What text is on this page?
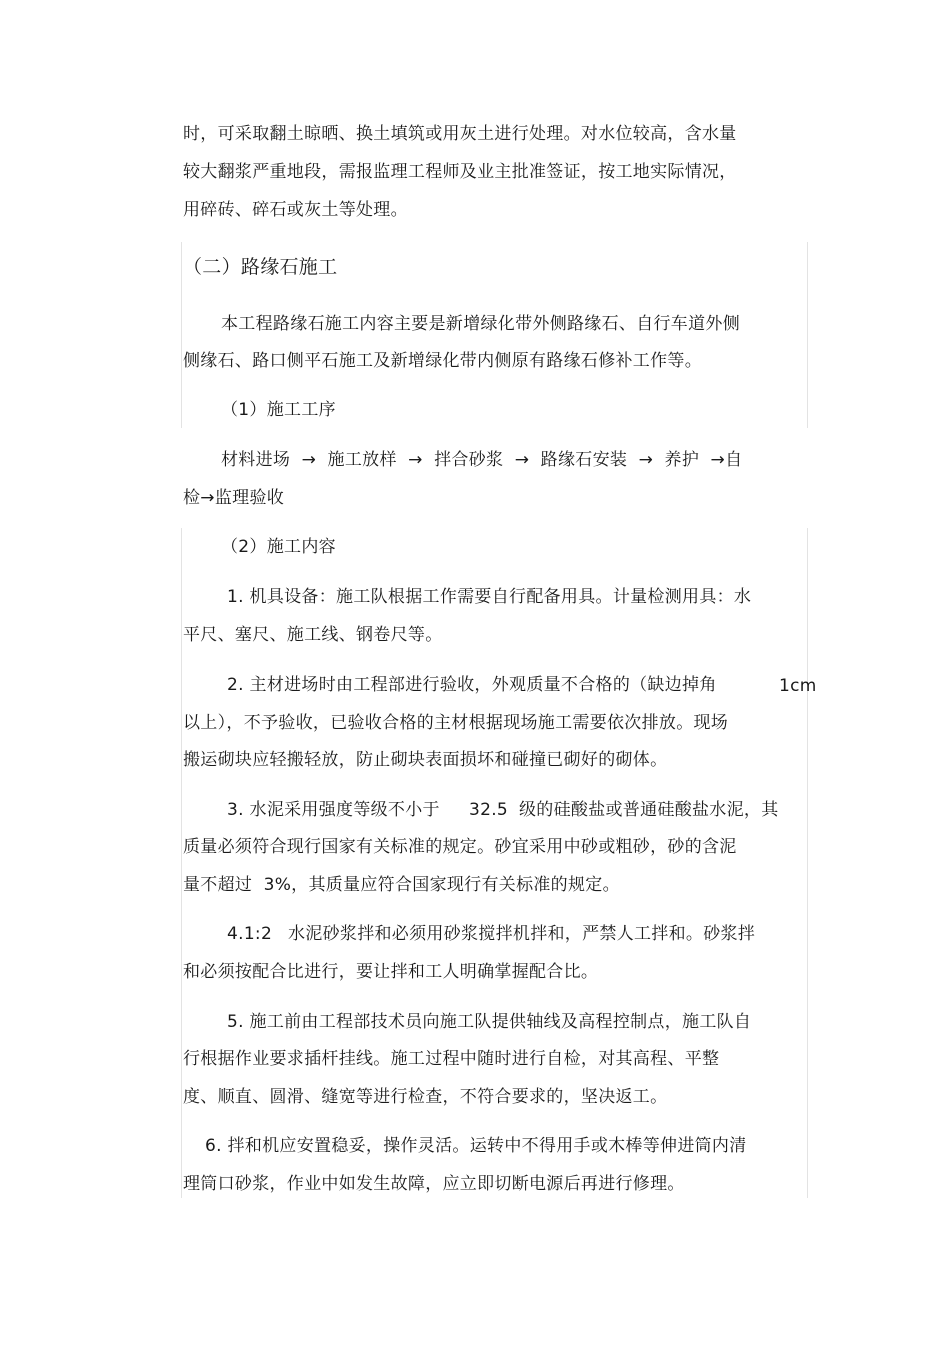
时，可采取翻土晾晒、换土填筑或用灰土进行处理。对水位较高，含水量
较大翻浆严重地段，需报监理工程师及业主批准签证，按工地实际情况，
用碎砖、碎石或灰土等处理。
（二）路缘石施工
本工程路缘石施工内容主要是新增绿化带外侧路缘石、自行车道外侧
侧缘石、路口侧平石施工及新增绿化带内侧原有路缘石修补工作等。
（1）施工工序
材料进场  →  施工放样  →  拌合砂浆  →  路缘石安装  →  养护  →自
检→监理验收
（2）施工内容
1. 机具设备：施工队根据工作需要自行配备用具。计量检测用具：水
平尺、塞尺、施工线、钢卷尺等。
2. 主材进场时由工程部进行验收，外观质量不合格的（缺边掉角	1cm
以上），不予验收，已验收合格的主材根据现场施工需要依次排放。现场
搬运砌块应轻搬轻放，防止砌块表面损坏和碰撞已砌好的砌体。
3. 水泥采用强度等级不小于 32.5 级的硅酸盐或普通硅酸盐水泥，其
质量必须符合现行国家有关标准的规定。砂宜采用中砂或粗砂，砂的含泥
量不超过  3%，其质量应符合国家现行有关标准的规定。
4.1:2 水泥砂浆拌和必须用砂浆搅拌机拌和，严禁人工拌和。砂浆拌
和必须按配合比进行，要让拌和工人明确掌握配合比。
5. 施工前由工程部技术员向施工队提供轴线及高程控制点，施工队自
行根据作业要求插杆挂线。施工过程中随时进行自检，对其高程、平整
度、顺直、圆滑、缝宽等进行检查，不符合要求的，坚决返工。
6. 拌和机应安置稳妥，操作灵活。运转中不得用手或木棒等伸进筒内清
理筒口砂浆，作业中如发生故障，应立即切断电源后再进行修理。
